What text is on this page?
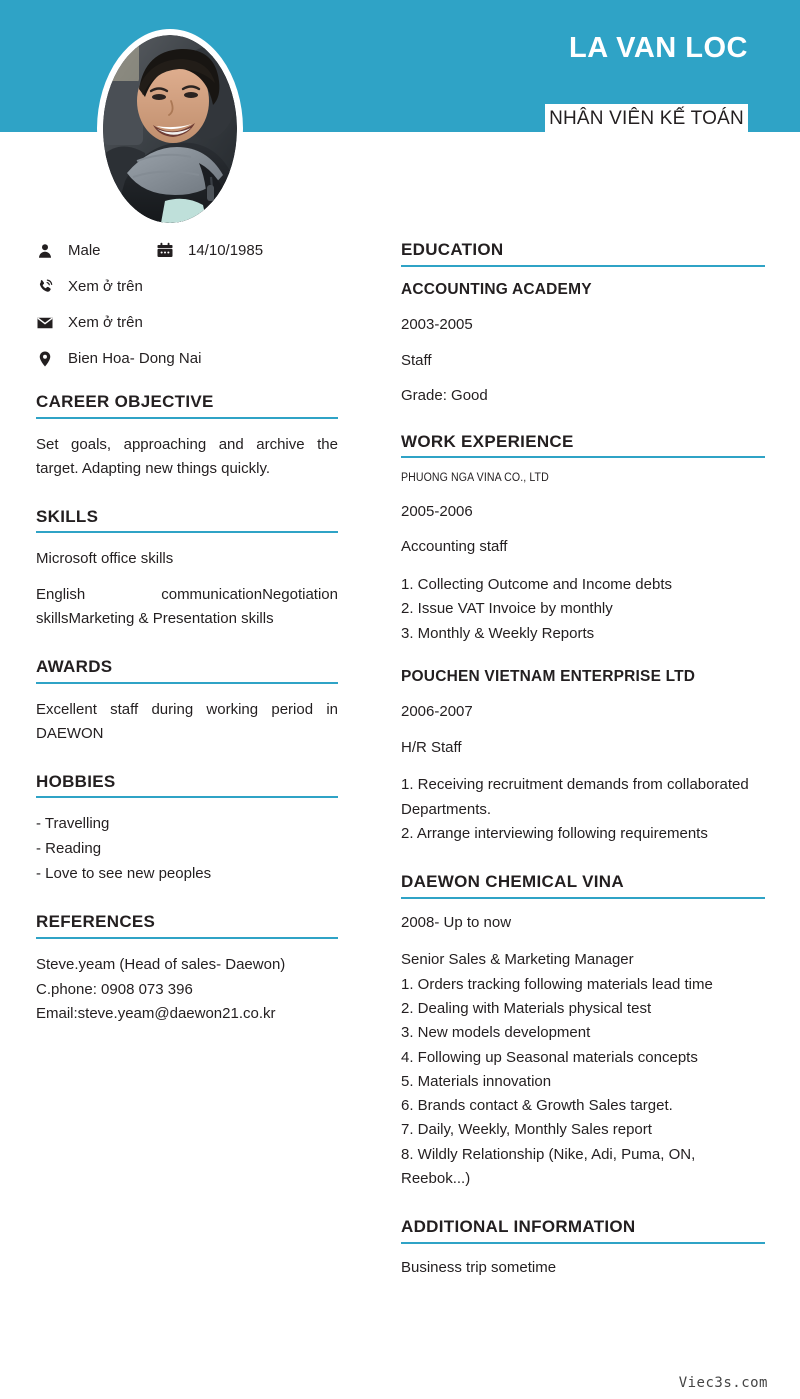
LA VAN LOC
NHÂN VIÊN KẾ TOÁN
Male	14/10/1985
Xem ở trên
Xem ở trên
Bien Hoa- Dong Nai
CAREER OBJECTIVE

Set goals, approaching and archive the target. Adapting new things quickly.

SKILLS

Microsoft office skills

English communicationNegotiation skillsMarketing & Presentation skills

AWARDS

Excellent staff during working period in DAEWON

HOBBIES
- Travelling
- Reading
- Love to see new peoples
REFERENCES
Steve.yeam (Head of sales- Daewon)
C.phone: 0908 073 396
Email:steve.yeam@daewon21.co.kr
EDUCATION

ACCOUNTING ACADEMY

2003-2005

Staff

Grade: Good

WORK EXPERIENCE

PHUONG NGA VINA CO., LTD

2005-2006

Accounting staff

1. Collecting Outcome and Income debts
2. Issue VAT Invoice by monthly
3. Monthly & Weekly Reports

POUCHEN VIETNAM ENTERPRISE LTD

2006-2007

H/R Staff

1. Receiving recruitment demands from collaborated Departments.
2. Arrange interviewing following requirements
DAEWON CHEMICAL VINA

2008- Up to now

Senior Sales & Marketing Manager
1. Orders tracking following materials lead time
2. Dealing with Materials physical test
3. New models development
4. Following up Seasonal materials concepts
5. Materials innovation
6. Brands contact & Growth Sales target.
7. Daily, Weekly, Monthly Sales report
8. Wildly Relationship (Nike, Adi, Puma, ON, Reebok...)
ADDITIONAL INFORMATION

Business trip sometime

Viec3s.com
